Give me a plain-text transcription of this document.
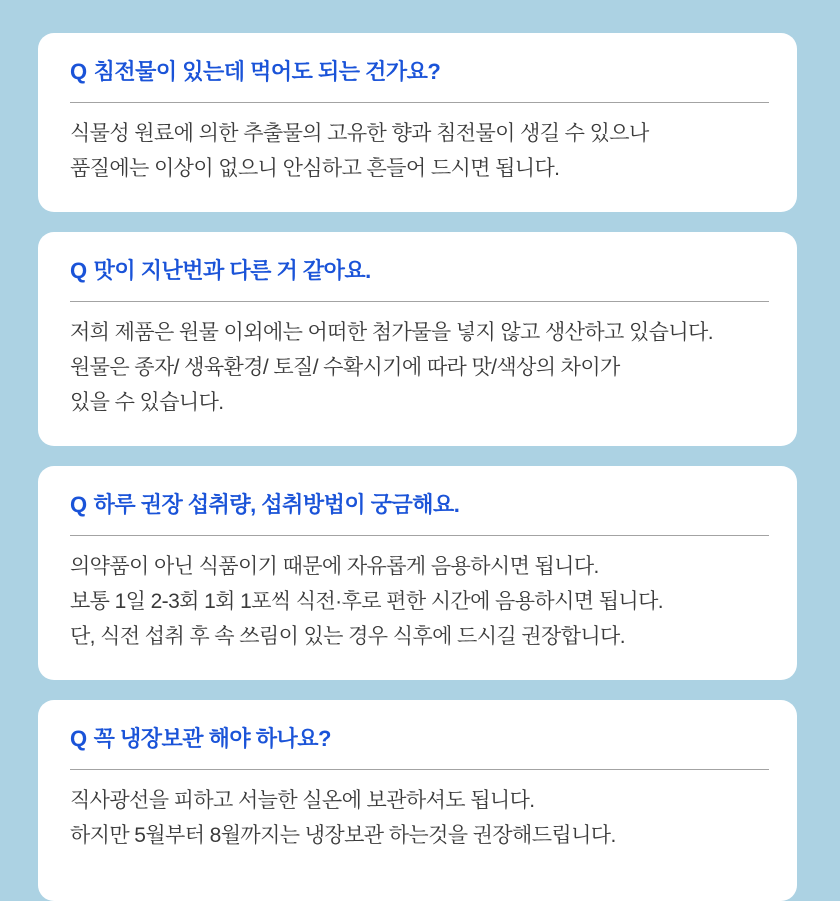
Q 침전물이 있는데 먹어도 되는 건가요?

식물성 원료에 의한 추출물의 고유한 향과 침전물이 생길 수 있으나
품질에는 이상이 없으니 안심하고 흔들어 드시면 됩니다.

Q 맛이 지난번과 다른 거 같아요.

저희 제품은 원물 이외에는 어떠한 첨가물을 넣지 않고 생산하고 있습니다.
원물은 종자/ 생육환경/ 토질/ 수확시기에 따라 맛/색상의 차이가
있을 수 있습니다.

Q 하루 권장 섭취량, 섭취방법이 궁금해요.

의약품이 아닌 식품이기 때문에 자유롭게 음용하시면 됩니다.
보통 1일 2-3회 1회 1포씩 식전·후로 편한 시간에 음용하시면 됩니다.
단, 식전 섭취 후 속 쓰림이 있는 경우 식후에 드시길 권장합니다.

Q 꼭 냉장보관 해야 하나요?

직사광선을 피하고 서늘한 실온에 보관하셔도 됩니다.
하지만 5월부터 8월까지는 냉장보관 하는것을 권장해드립니다.
